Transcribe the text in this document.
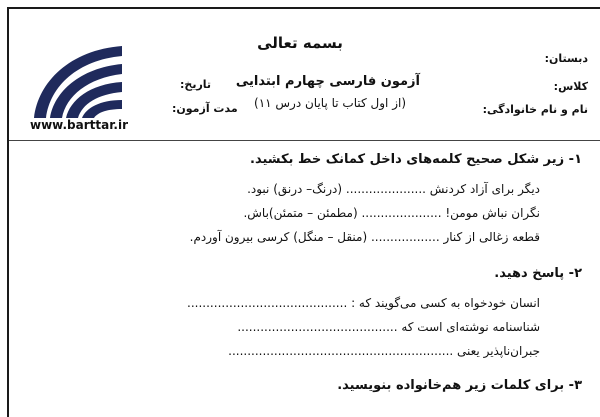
بسمه تعالی
دبستان:
کلاس:
نام و نام خانوادگی:
آزمون فارسی چهارم ابتدایی
(از اول کتاب تا پایان درس ۱۱)
تاریخ:
مدت آزمون:
www.barttar.ir
۱- زیر شکل صحیح کلمه‌های داخل کمانک خط بکشید.
دیگر برای آزاد کردنش ..................... (درنگ– درنق) نبود.
نگران نباش مومن! ..................... (مطمئن – متمئن)باش.
قطعه زغالی از کنار .................. (منقل – منگل) کرسی بیرون آوردم.
۲- پاسخ دهید.
انسان خودخواه به کسی می‌گویند که : ..........................................
شناسنامه نوشته‌ای است که ..........................................
جبران‌ناپذیر یعنی ...........................................................
۳- برای کلمات زیر هم‌خانواده بنویسید.
